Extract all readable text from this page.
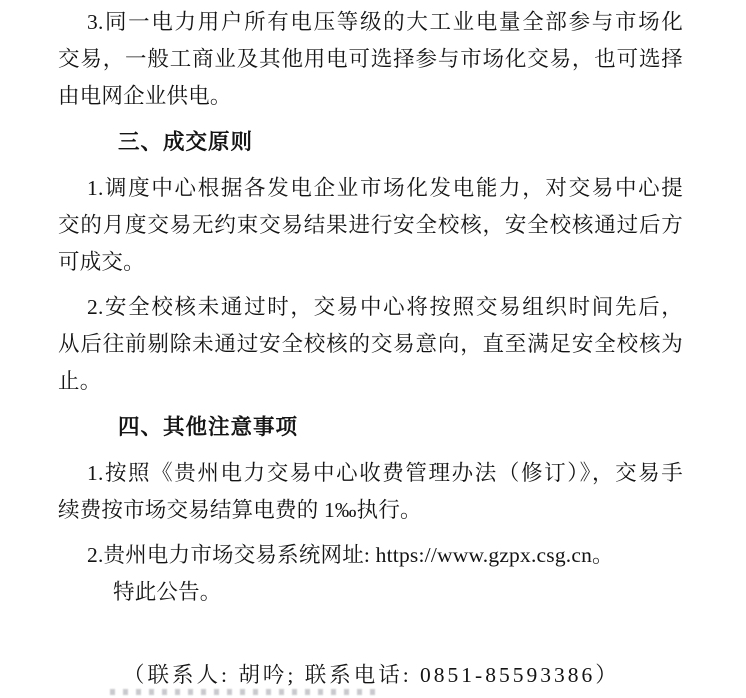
3.同一电力用户所有电压等级的大工业电量全部参与市场化
交易，一般工商业及其他用电可选择参与市场化交易，也可选择
由电网企业供电。
三、成交原则
1.调度中心根据各发电企业市场化发电能力，对交易中心提
交的月度交易无约束交易结果进行安全校核，安全校核通过后方
可成交。
2.安全校核未通过时，交易中心将按照交易组织时间先后，
从后往前剔除未通过安全校核的交易意向，直至满足安全校核为
止。
四、其他注意事项
1.按照《贵州电力交易中心收费管理办法（修订）》，交易手
续费按市场交易结算电费的 1‰执行。
2.贵州电力市场交易系统网址: https://www.gzpx.csg.cn。
特此公告。
（联系人: 胡吟; 联系电话: 0851-85593386）
